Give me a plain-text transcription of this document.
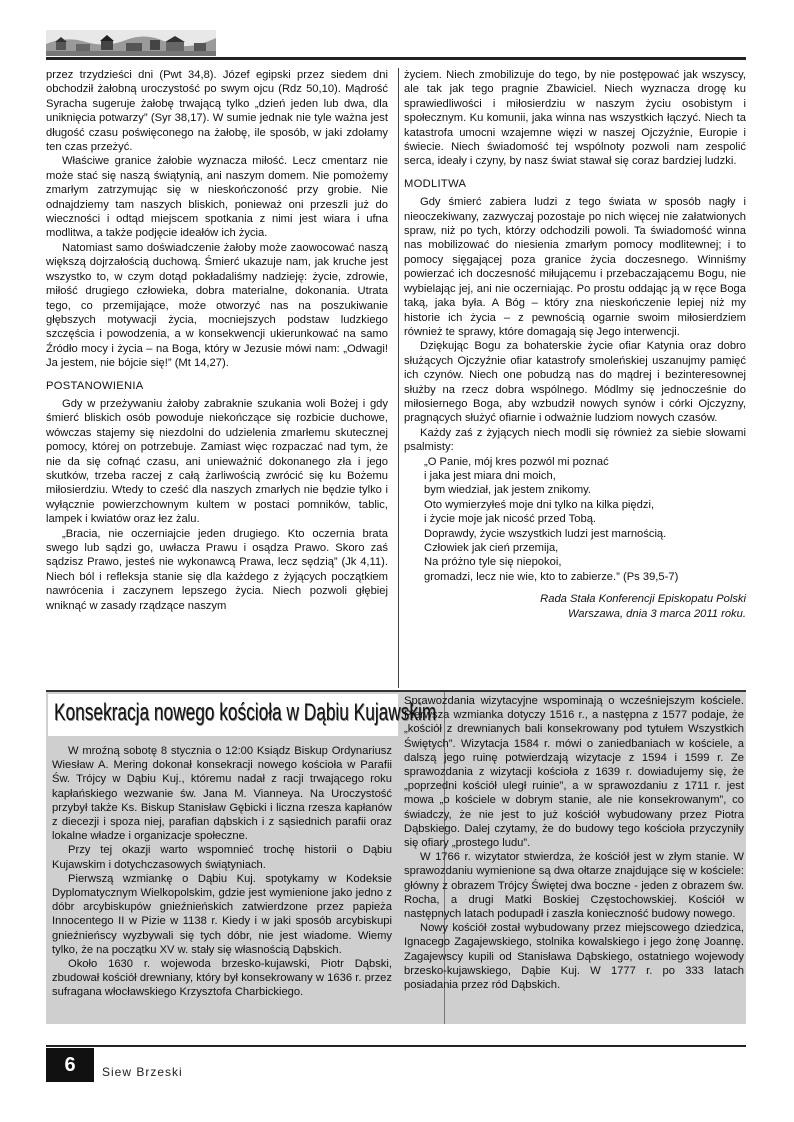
przez trzydzieści dni (Pwt 34,8). Józef egipski przez siedem dni obchodził żałobną uroczystość po swym ojcu (Rdz 50,10). Mądrość Syracha sugeruje żałobę trwającą tylko „dzień jeden lub dwa, dla uniknięcia potwarzy” (Syr 38,17). W sumie jednak nie tyle ważna jest długość czasu poświęconego na żałobę, ile sposób, w jaki zdołamy ten czas przeżyć.

Właściwe granice żałobie wyznacza miłość. Lecz cmentarz nie może stać się naszą świątynią, ani naszym domem. Nie pomożemy zmarłym zatrzymując się w nieskończoność przy grobie. Nie odnajdziemy tam naszych bliskich, ponieważ oni przeszli już do wieczności i odtąd miejscem spotkania z nimi jest wiara i ufna modlitwa, a także podjęcie ideałów ich życia.

Natomiast samo doświadczenie żałoby może zaowocować naszą większą dojrzałością duchową. Śmierć ukazuje nam, jak kruche jest wszystko to, w czym dotąd pokładaliśmy nadzieję: życie, zdrowie, miłość drugiego człowieka, dobra materialne, dokonania. Utrata tego, co przemijające, może otworzyć nas na poszukiwanie głębszych motywacji życia, mocniejszych podstaw ludzkiego szczęścia i powodzenia, a w konsekwencji ukierunkować na samo Źródło mocy i życia – na Boga, który w Jezusie mówi nam: „Odwagi! Ja jestem, nie bójcie się!” (Mt 14,27).

POSTANOWIENIA

Gdy w przeżywaniu żałoby zabraknie szukania woli Bożej i gdy śmierć bliskich osób powoduje niekończące się rozbicie duchowe, wówczas stajemy się niezdolni do udzielenia zmarłemu skutecznej pomocy, której on potrzebuje. Zamiast więc rozpaczać nad tym, że nie da się cofnąć czasu, ani unieważnić dokonanego zła i jego skutków, trzeba raczej z całą żarliwością zwrócić się ku Bożemu miłosierdziu. Wtedy to cześć dla naszych zmarłych nie będzie tylko i wyłącznie powierzchownym kultem w postaci pomników, tablic, lampek i kwiatów oraz łez żalu.

„Bracia, nie oczerniajcie jeden drugiego. Kto oczernia brata swego lub sądzi go, uwłacza Prawu i osądza Prawo. Skoro zaś sądzisz Prawo, jesteś nie wykonawcą Prawa, lecz sędzią” (Jk 4,11). Niech ból i refleksja stanie się dla każdego z żyjących początkiem nawrócenia i zaczynem lepszego życia. Niech pozwoli głębiej wniknąć w zasady rządzące naszym

życiem. Niech zmobilizuje do tego, by nie postępować jak wszyscy, ale tak jak tego pragnie Zbawiciel. Niech wyznacza drogę ku sprawiedliwości i miłosierdziu w naszym życiu osobistym i społecznym. Ku komunii, jaka winna nas wszystkich łączyć. Niech ta katastrofa umocni wzajemne więzi w naszej Ojczyźnie, Europie i świecie. Niech świadomość tej wspólnoty pozwoli nam zespolić serca, ideały i czyny, by nasz świat stawał się coraz bardziej ludzki.

MODLITWA

Gdy śmierć zabiera ludzi z tego świata w sposób nagły i nieoczekiwany, zazwyczaj pozostaje po nich więcej nie załatwionych spraw, niż po tych, którzy odchodzili powoli. Ta świadomość winna nas mobilizować do niesienia zmarłym pomocy modlitewnej; i to pomocy sięgającej poza granice życia doczesnego. Winniśmy powierzać ich doczesność miłującemu i przebaczającemu Bogu, nie wybielając jej, ani nie oczerniając. Po prostu oddając ją w ręce Boga taką, jaka była. A Bóg – który zna nieskończenie lepiej niż my historie ich życia – z pewnością ogarnie swoim miłosierdziem również te sprawy, które domagają się Jego interwencji.

Dziękując Bogu za bohaterskie życie ofiar Katynia oraz dobro służących Ojczyźnie ofiar katastrofy smoleńskiej uszanujmy pamięć ich czynów. Niech one pobudzą nas do mądrej i bezinteresownej służby na rzecz dobra wspólnego. Módlmy się jednocześnie do miłosiernego Boga, aby wzbudził nowych synów i córki Ojczyzny, pragnących służyć ofiarnie i odważnie ludziom nowych czasów.

Każdy zaś z żyjących niech modli się również za siebie słowami psalmisty:

„O Panie, mój kres pozwól mi poznać
i jaka jest miara dni moich,
bym wiedział, jak jestem znikomy.
Oto wymierzyłeś moje dni tylko na kilka piędzi,
i życie moje jak nicość przed Tobą.
Doprawdy, życie wszystkich ludzi jest marnością.
Człowiek jak cień przemija,
Na próżno tyle się niepokoi,
gromadzi, lecz nie wie, kto to zabierze.” (Ps 39,5-7)
Rada Stała Konferencji Episkopatu Polski
Warszawa, dnia 3 marca 2011 roku.
Konsekracja nowego kościoła w Dąbiu Kujawskim

W mroźną sobotę 8 stycznia o 12:00 Ksiądz Biskup Ordynariusz Wiesław A. Mering dokonał konsekracji nowego kościoła w Parafii Św. Trójcy w Dąbiu Kuj., któremu nadał z racji trwającego roku kapłańskiego wezwanie św. Jana M. Vianneya. Na Uroczystość przybył także Ks. Biskup Stanisław Gębicki i liczna rzesza kapłanów z diecezji i spoza niej, parafian dąbskich i z sąsiednich parafii oraz lokalne władze i organizacje społeczne.

Przy tej okazji warto wspomnieć trochę historii o Dąbiu Kujawskim i dotychczasowych świątyniach.

Pierwszą wzmiankę o Dąbiu Kuj. spotykamy w Kodeksie Dyplomatycznym Wielkopolskim, gdzie jest wymienione jako jedno z dóbr arcybiskupów gnieźnieńskich zatwierdzone przez papieża Innocentego II w Pizie w 1138 r. Kiedy i w jaki sposób arcybiskupi gnieźnieńscy wyzbywali się tych dóbr, nie jest wiadome. Wiemy tylko, że na początku XV w. stały się własnością Dąbskich.

Około 1630 r. wojewoda brzesko-kujawski, Piotr Dąbski, zbudował kościół drewniany, który był konsekrowany w 1636 r. przez sufragana włocławskiego Krzysztofa Charbickiego.

Sprawozdania wizytacyjne wspominają o wcześniejszym kościele. Pierwsza wzmianka dotyczy 1516 r., a następna z 1577 podaje, że „kościół z drewnianych bali konsekrowany pod tytułem Wszystkich Świętych”. Wizytacja 1584 r. mówi o zaniedbaniach w kościele, a dalszą jego ruinę potwierdzają wizytacje z 1594 i 1599 r. Ze sprawozdania z wizytacji kościoła z 1639 r. dowiadujemy się, że „poprzedni kościół uległ ruinie”, a w sprawozdaniu z 1711 r. jest mowa „o kościele w dobrym stanie, ale nie konsekrowanym”, co świadczy, że nie jest to już kościół wybudowany przez Piotra Dąbskiego. Dalej czytamy, że do budowy tego kościoła przyczyniły się ofiary „prostego ludu”.

W 1766 r. wizytator stwierdza, że kościół jest w złym stanie. W sprawozdaniu wymienione są dwa ołtarze znajdujące się w kościele: główny z obrazem Trójcy Świętej dwa boczne - jeden z obrazem św. Rocha, a drugi Matki Boskiej Częstochowskiej. Kościół w następnych latach podupadł i zaszła konieczność budowy nowego.

Nowy kościół został wybudowany przez miejscowego dziedzica, Ignacego Zagajewskiego, stolnika kowalskiego i jego żonę Joannę. Zagajewscy kupili od Stanisława Dąbskiego, ostatniego wojewody brzesko-kujawskiego, Dąbie Kuj. W 1777 r. po 333 latach posiadania przez ród Dąbskich.

6	Siew Brzeski
